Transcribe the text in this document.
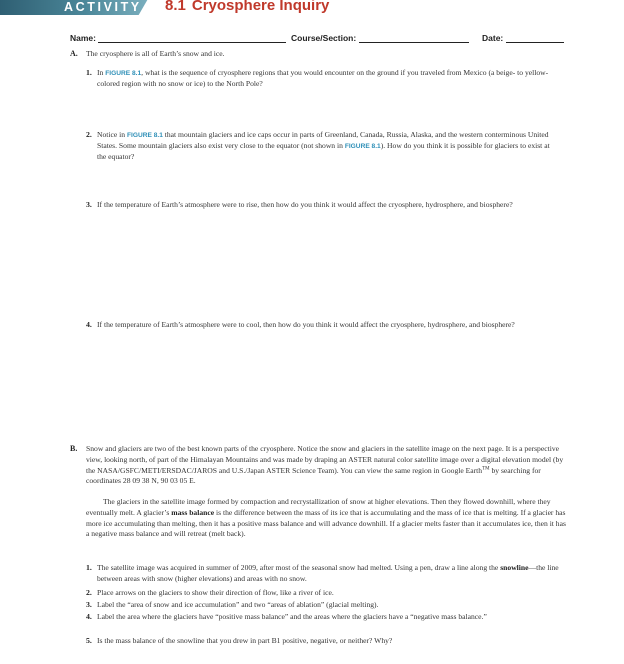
ACTIVITY 8.1 Cryosphere Inquiry
Name:	Course/Section:	Date:
A. The cryosphere is all of Earth’s snow and ice.
1. In FIGURE 8.1, what is the sequence of cryosphere regions that you would encounter on the ground if you traveled from Mexico (a beige- to yellow-colored region with no snow or ice) to the North Pole?
2. Notice in FIGURE 8.1 that mountain glaciers and ice caps occur in parts of Greenland, Canada, Russia, Alaska, and the western conterminous United States. Some mountain glaciers also exist very close to the equator (not shown in FIGURE 8.1). How do you think it is possible for glaciers to exist at the equator?
3. If the temperature of Earth’s atmosphere were to rise, then how do you think it would affect the cryosphere, hydrosphere, and biosphere?
4. If the temperature of Earth’s atmosphere were to cool, then how do you think it would affect the cryosphere, hydrosphere, and biosphere?
B. Snow and glaciers are two of the best known parts of the cryosphere. Notice the snow and glaciers in the satellite image on the next page. It is a perspective view, looking north, of part of the Himalayan Mountains and was made by draping an ASTER natural color satellite image over a digital elevation model (by the NASA/GSFC/METI/ERSDAC/JAROS and U.S./Japan ASTER Science Team). You can view the same region in Google Earth™ by searching for coordinates 28 09 38 N, 90 03 05 E.
The glaciers in the satellite image formed by compaction and recrystallization of snow at higher elevations. Then they flowed downhill, where they eventually melt. A glacier’s mass balance is the difference between the mass of its ice that is accumulating and the mass of ice that is melting. If a glacier has more ice accumulating than melting, then it has a positive mass balance and will advance downhill. If a glacier melts faster than it accumulates ice, then it has a negative mass balance and will retreat (melt back).
1. The satellite image was acquired in summer of 2009, after most of the seasonal snow had melted. Using a pen, draw a line along the snowline—the line between areas with snow (higher elevations) and areas with no snow.
2. Place arrows on the glaciers to show their direction of flow, like a river of ice.
3. Label the “area of snow and ice accumulation” and two “areas of ablation” (glacial melting).
4. Label the area where the glaciers have “positive mass balance” and the areas where the glaciers have a “negative mass balance.”
5. Is the mass balance of the snowline that you drew in part B1 positive, negative, or neither? Why?
